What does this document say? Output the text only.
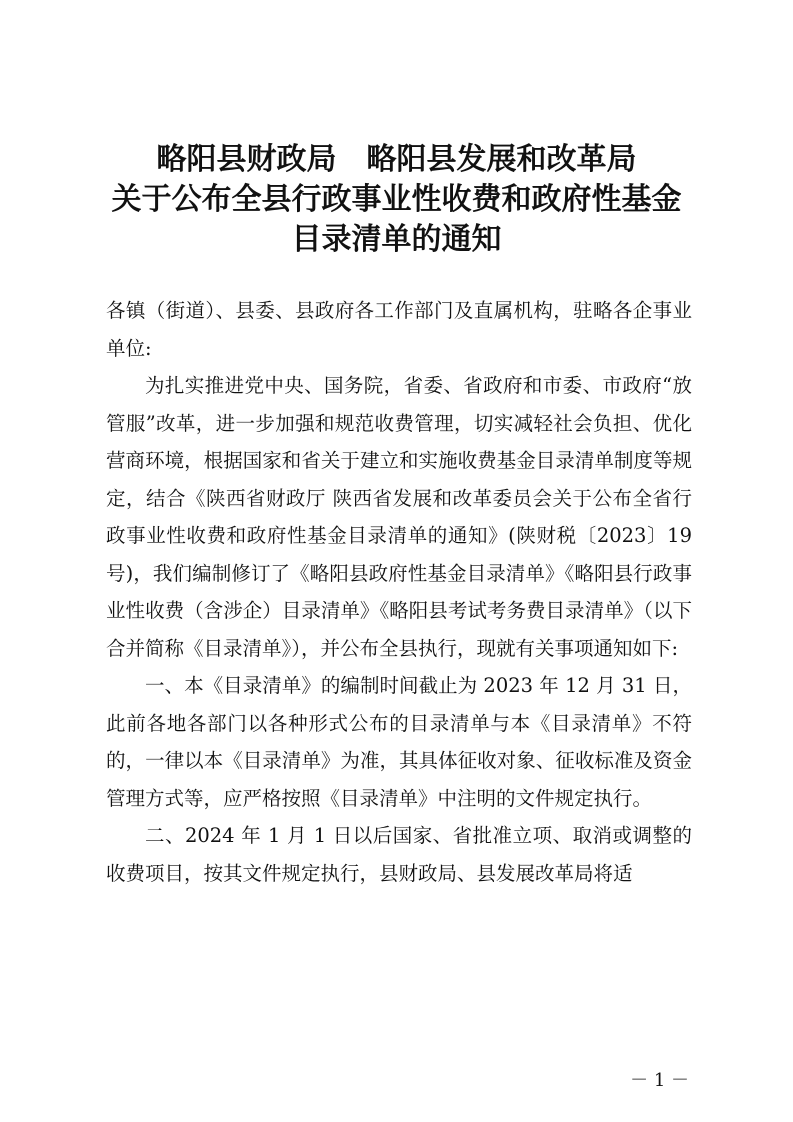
略阳县财政局　略阳县发展和改革局
关于公布全县行政事业性收费和政府性基金
目录清单的通知

各镇（街道）、县委、县政府各工作部门及直属机构，驻略各企事业单位:

为扎实推进党中央、国务院，省委、省政府和市委、市政府“放管服”改革，进一步加强和规范收费管理，切实减轻社会负担、优化营商环境，根据国家和省关于建立和实施收费基金目录清单制度等规定，结合《陕西省财政厅 陕西省发展和改革委员会关于公布全省行政事业性收费和政府性基金目录清单的通知》(陕财税〔2023〕19号)，我们编制修订了《略阳县政府性基金目录清单》《略阳县行政事业性收费（含涉企）目录清单》《略阳县考试考务费目录清单》（以下合并简称《目录清单》），并公布全县执行，现就有关事项通知如下:

一、本《目录清单》的编制时间截止为 2023 年 12 月 31 日，此前各地各部门以各种形式公布的目录清单与本《目录清单》不符的，一律以本《目录清单》为准，其具体征收对象、征收标准及资金管理方式等，应严格按照《目录清单》中注明的文件规定执行。

二、2024 年 1 月 1 日以后国家、省批准立项、取消或调整的收费项目，按其文件规定执行，县财政局、县发展改革局将适

－ 1 －
